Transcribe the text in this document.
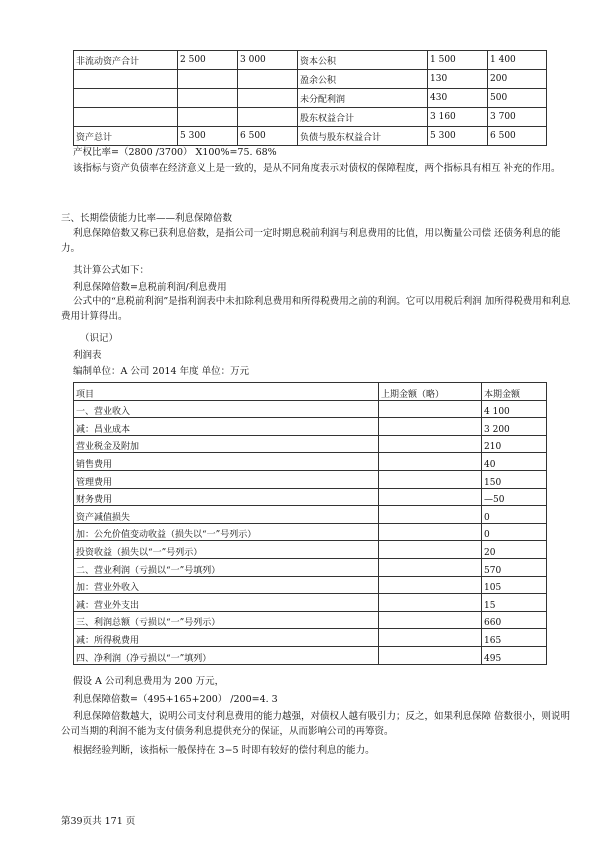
非流动资产合计	2 500	3 000	资本公积	1 500	1 400
			盈余公积	130	200
			未分配利润	430	500
			股东权益合计	3 160	3 700
资产总计	5 300	6 500	负债与股东权益合计	5 300	6 500
产权比率=（2800 /3700） X100%=75. 68%
该指标与资产负债率在经济意义上是一致的，是从不同角度表示对债权的保障程度，两个指标具有相互 补充的作用。
三、长期偿债能力比率——利息保障倍数
利息保障倍数又称已获利息倍数，是指公司一定时期息税前利润与利息费用的比值，用以衡量公司偿 还债务利息的能力。
其计算公式如下：
利息保障倍数=息税前利润/利息费用
公式中的“息税前利润”是指利润表中未扣除利息费用和所得税费用之前的利润。它可以用税后利润 加所得税费用和利息费用计算得出。
（识记）
利润表
编制单位：A 公司 2014 年度 单位：万元
项目	上期金额（略）	本期金额
一、营业收入		4 100
减：昌业成本		3 200
营业税金及附加		210
销售费用		40
管理费用		150
财务费用		—50
资产减值损失		0
加：公允价值变动收益（损失以“一”号列示）		0
投资收益（损失以“一”号列示）		20
二、营业利润（亏损以“一”号填列）		570
加：营业外收入		105
减：营业外支出		15
三、利润总额（亏损以“一”号列示）		660
减：所得税费用		165
四、净利润（净亏损以“一”填列）		495
假设 A 公司利息费用为 200 万元，
利息保障倍数=（495+165+200） /200=4. 3
利息保障倍数越大，说明公司支付利息费用的能力越强，对债权人越有吸引力；反之，如果利息保障 倍数很小，则说明公司当期的利润不能为支付债务利息提供充分的保证，从而影响公司的再筹资。
根据经验判断，该指标一般保持在 3−5 时即有较好的偿付利息的能力。
第39页共 171 页
